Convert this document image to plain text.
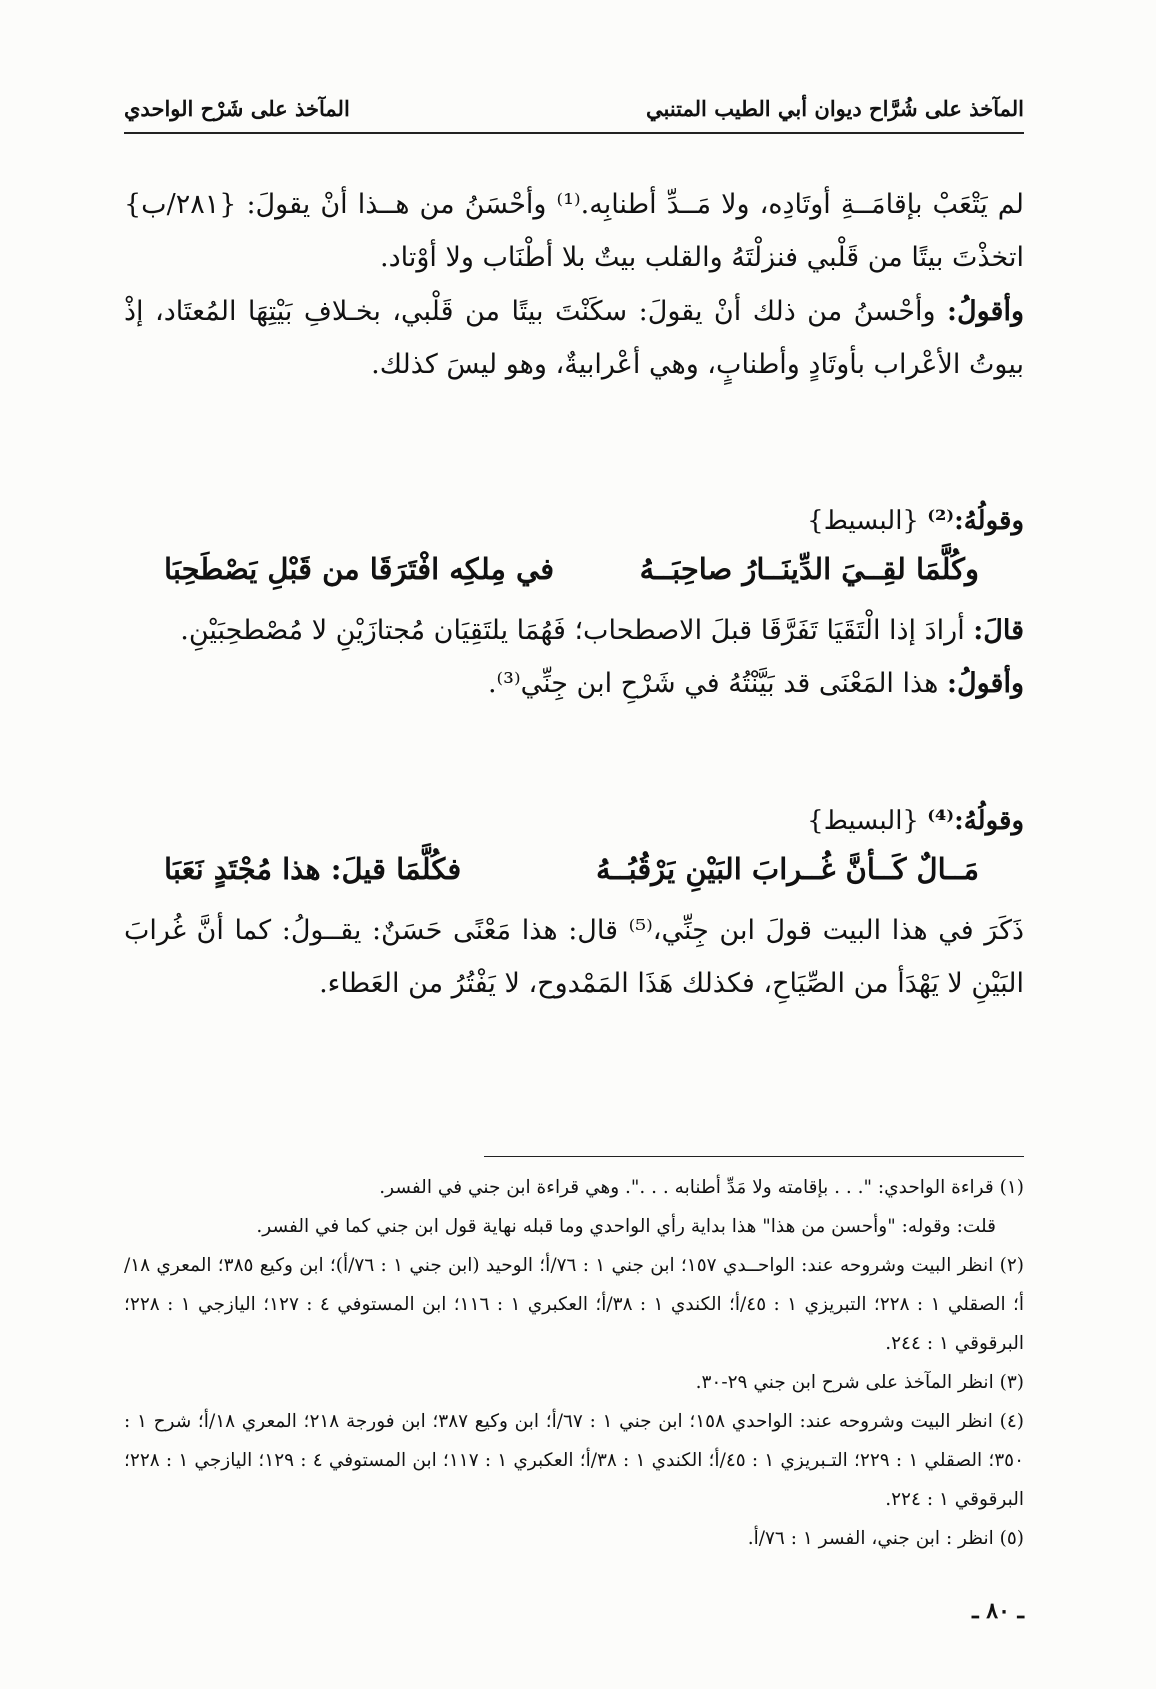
المآخذ على شُرَّاح ديوان أبي الطيب المتنبي
المآخذ على شَرْح الواحدي

لم يَتْعَبْ بإقامَــةِ أوتَادِه، ولا مَــدِّ أطنابِه.⁽¹⁾ وأحْسَنُ من هــذا أنْ يقولَ: {٢٨١/ب} اتخذْتَ بيتًا من قَلْبي فنزلْتَهُ والقلب بيتٌ بلا أطْنَاب ولا أوْتاد.

وأقولُ: وأحْسنُ من ذلك أنْ يقولَ: سكَنْتَ بيتًا من قَلْبي، بخـلافِ بَيْتِهَا المُعتَاد، إذْ بيوتُ الأعْراب بأوتَادٍ وأطنابٍ، وهي أعْرابيةٌ، وهو ليسَ كذلك.

وقولُهُ:⁽²⁾ {البسيط}
وكُلَّمَا لقِــيَ الدِّينَــارُ صاحِبَــهُ
في مِلكِه افْتَرَقَا من قَبْلِ يَصْطَحِبَا

قالَ: أرادَ إذا الْتَقَيَا تَفَرَّقَا قبلَ الاصطحاب؛ فَهُمَا يلتَقِيَان مُجتازَيْنِ لا مُصْطحِبَيْنِ.

وأقولُ: هذا المَعْنَى قد بَيَّنْتُهُ في شَرْحِ ابن جِنِّي⁽³⁾.

وقولُهُ:⁽⁴⁾ {البسيط}
مَــالٌ كَــأنَّ غُــرابَ البَيْنِ يَرْقُبُــهُ
فكُلَّمَا قيلَ: هذا مُجْتَدٍ نَعَبَا

ذَكَرَ في هذا البيت قولَ ابن جِنِّي،⁽⁵⁾ قال: هذا مَعْنًى حَسَنٌ: يقــولُ: كما أنَّ غُرابَ البَيْنِ لا يَهْدَأ من الصِّيَاحِ، فكذلك هَذَا المَمْدوح، لا يَفْتُرُ من العَطاء.

(١) قراءة الواحدي: ". . . بإقامته ولا مَدِّ أطنابه . . .". وهي قراءة ابن جني في الفسر.

قلت: وقوله: "وأحسن من هذا" هذا بداية رأي الواحدي وما قبله نهاية قول ابن جني كما في الفسر.

(٢) انظر البيت وشروحه عند: الواحــدي ١٥٧؛ ابن جني ١ : ٧٦/أ؛ الوحيد (ابن جني ١ : ٧٦/أ)؛ ابن وكيع ٣٨٥؛ المعري ١٨/أ؛ الصقلي ١ : ٢٢٨؛ التبريزي ١ : ٤٥/أ؛ الكندي ١ : ٣٨/أ؛ العكبري ١ : ١١٦؛ ابن المستوفي ٤ : ١٢٧؛ اليازجي ١ : ٢٢٨؛ البرقوقي ١ : ٢٤٤.

(٣) انظر المآخذ على شرح ابن جني ٢٩-٣٠.

(٤) انظر البيت وشروحه عند: الواحدي ١٥٨؛ ابن جني ١ : ٦٧/أ؛ ابن وكيع ٣٨٧؛ ابن فورجة ٢١٨؛ المعري ١٨/أ؛ شرح ١ : ٣٥٠؛ الصقلي ١ : ٢٢٩؛ التـبريزي ١ : ٤٥/أ؛ الكندي ١ : ٣٨/أ؛ العكبري ١ : ١١٧؛ ابن المستوفي ٤ : ١٢٩؛ اليازجي ١ : ٢٢٨؛ البرقوقي ١ : ٢٢٤.

(٥) انظر : ابن جني، الفسر ١ : ٧٦/أ.

ـ ٨٠ ـ
